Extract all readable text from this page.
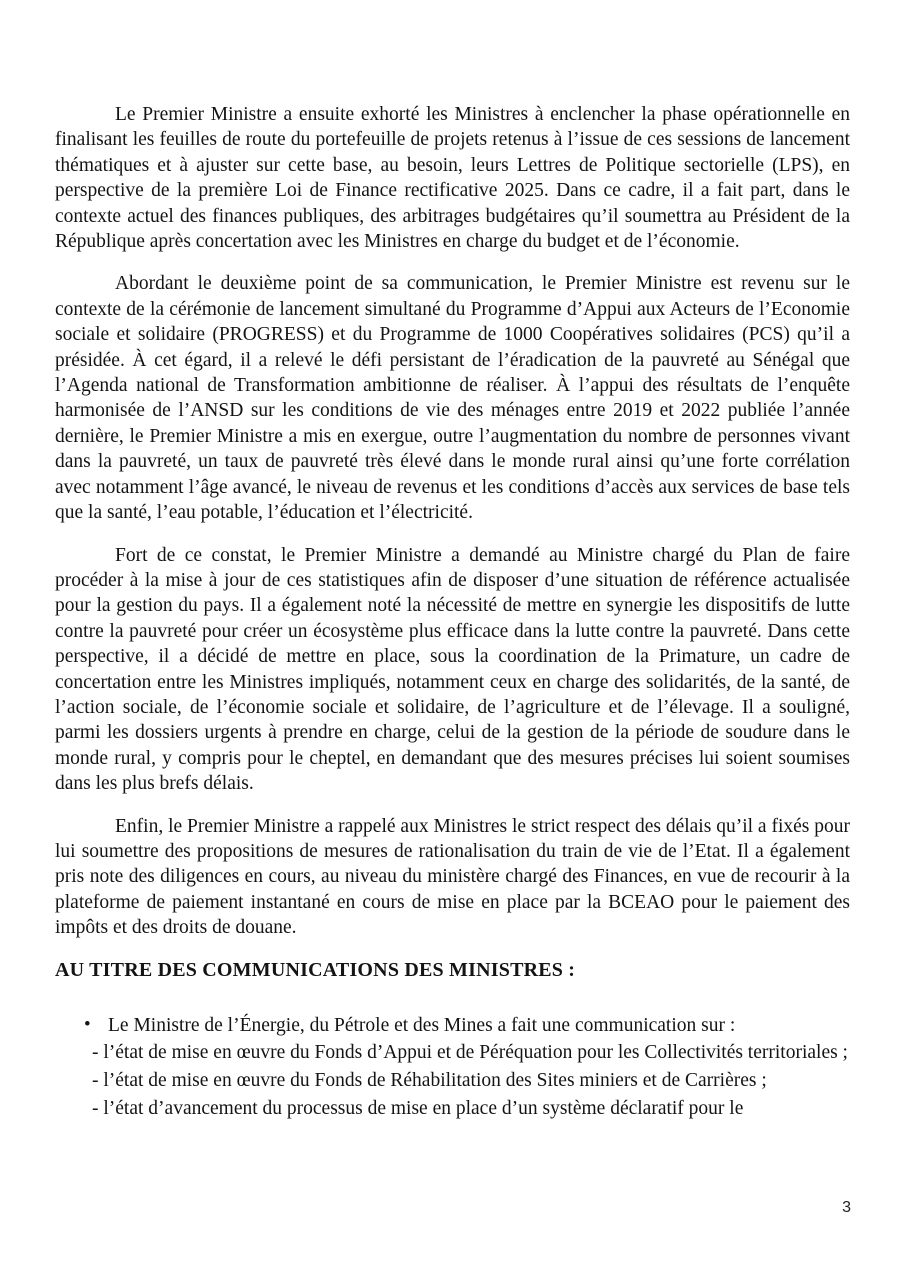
Le Premier Ministre a ensuite exhorté les Ministres à enclencher la phase opérationnelle en finalisant les feuilles de route du portefeuille de projets retenus à l’issue de ces sessions de lancement thématiques et à ajuster sur cette base, au besoin, leurs Lettres de Politique sectorielle (LPS), en perspective de la première Loi de Finance rectificative 2025. Dans ce cadre, il a fait part, dans le contexte actuel des finances publiques, des arbitrages budgétaires qu’il soumettra au Président de la République après concertation avec les Ministres en charge du budget et de l’économie.

Abordant le deuxième point de sa communication, le Premier Ministre est revenu sur le contexte de la cérémonie de lancement simultané du Programme d’Appui aux Acteurs de l’Economie sociale et solidaire (PROGRESS) et du Programme de 1000 Coopératives solidaires (PCS) qu’il a présidée. À cet égard, il a relevé le défi persistant de l’éradication de la pauvreté au Sénégal que l’Agenda national de Transformation ambitionne de réaliser. À l’appui des résultats de l’enquête harmonisée de l’ANSD sur les conditions de vie des ménages entre 2019 et 2022 publiée l’année dernière, le Premier Ministre a mis en exergue, outre l’augmentation du nombre de personnes vivant dans la pauvreté, un taux de pauvreté très élevé dans le monde rural ainsi qu’une forte corrélation avec notamment l’âge avancé, le niveau de revenus et les conditions d’accès aux services de base tels que la santé, l’eau potable, l’éducation et l’électricité.

Fort de ce constat, le Premier Ministre a demandé au Ministre chargé du Plan de faire procéder à la mise à jour de ces statistiques afin de disposer d’une situation de référence actualisée pour la gestion du pays. Il a également noté la nécessité de mettre en synergie les dispositifs de lutte contre la pauvreté pour créer un écosystème plus efficace dans la lutte contre la pauvreté. Dans cette perspective, il a décidé de mettre en place, sous la coordination de la Primature, un cadre de concertation entre les Ministres impliqués, notamment ceux en charge des solidarités, de la santé, de l’action sociale, de l’économie sociale et solidaire, de l’agriculture et de l’élevage. Il a souligné, parmi les dossiers urgents à prendre en charge, celui de la gestion de la période de soudure dans le monde rural, y compris pour le cheptel, en demandant que des mesures précises lui soient soumises dans les plus brefs délais.

Enfin, le Premier Ministre a rappelé aux Ministres le strict respect des délais qu’il a fixés pour lui soumettre des propositions de mesures de rationalisation du train de vie de l’Etat. Il a également pris note des diligences en cours, au niveau du ministère chargé des Finances, en vue de recourir à la plateforme de paiement instantané en cours de mise en place par la BCEAO pour le paiement des impôts et des droits de douane.

AU TITRE DES COMMUNICATIONS DES MINISTRES :
• Le Ministre de l’Énergie, du Pétrole et des Mines a fait une communication sur :

- l’état de mise en œuvre du Fonds d’Appui et de Péréquation pour les Collectivités territoriales ;

- l’état de mise en œuvre du Fonds de Réhabilitation des Sites miniers et de Carrières ;

- l’état d’avancement du processus de mise en place d’un système déclaratif pour le

3
